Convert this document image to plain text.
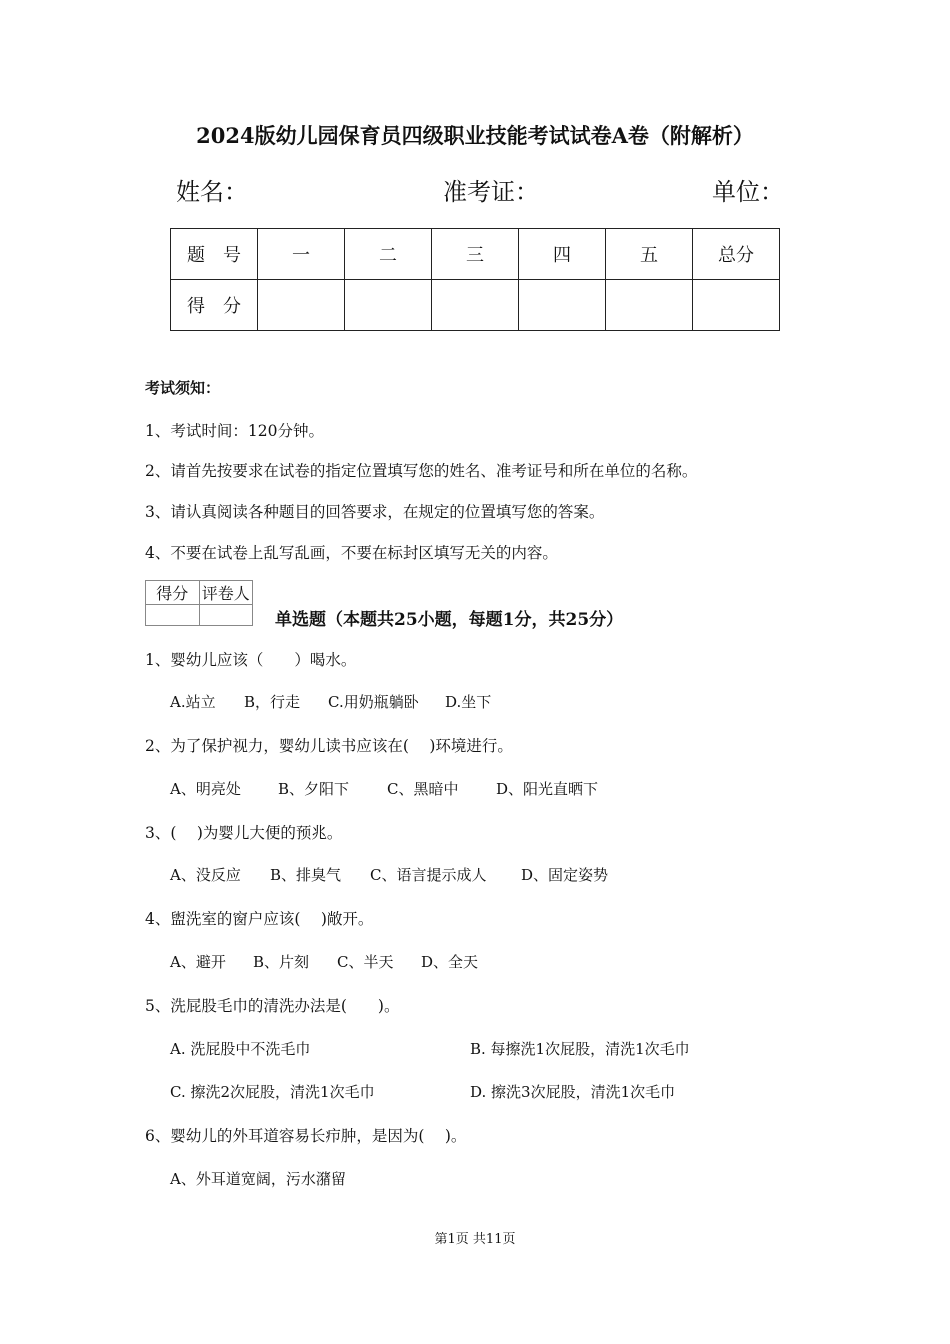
2024版幼儿园保育员四级职业技能考试试卷A卷（附解析）
姓名：	准考证：	单位：
题　号	一	二	三	四	五	总分
得　分						
考试须知：
1、考试时间：120分钟。
2、请首先按要求在试卷的指定位置填写您的姓名、准考证号和所在单位的名称。
3、请认真阅读各种题目的回答要求，在规定的位置填写您的答案。
4、不要在试卷上乱写乱画，不要在标封区填写无关的内容。
得分	评卷人

单选题（本题共25小题，每题1分，共25分）
1、婴幼儿应该（　　）喝水。
A.站立 B，行走 C.用奶瓶躺卧 D.坐下
2、为了保护视力，婴幼儿读书应该在(　 )环境进行。
A、明亮处 B、夕阳下	C、黑暗中	D、阳光直晒下
3、(　 )为婴儿大便的预兆。
A、没反应 B、排臭气 C、语言提示成人 D、固定姿势
4、盥洗室的窗户应该(　 )敞开。
A、避开 B、片刻 C、半天 D、全天
5、洗屁股毛巾的清洗办法是(　　)。
A. 洗屁股中不洗毛巾	B. 每擦洗1次屁股，清洗1次毛巾
C. 擦洗2次屁股，清洗1次毛巾	D. 擦洗3次屁股，清洗1次毛巾
6、婴幼儿的外耳道容易长疖肿，是因为(　 )。
A、外耳道宽阔，污水潴留
第1页 共11页
